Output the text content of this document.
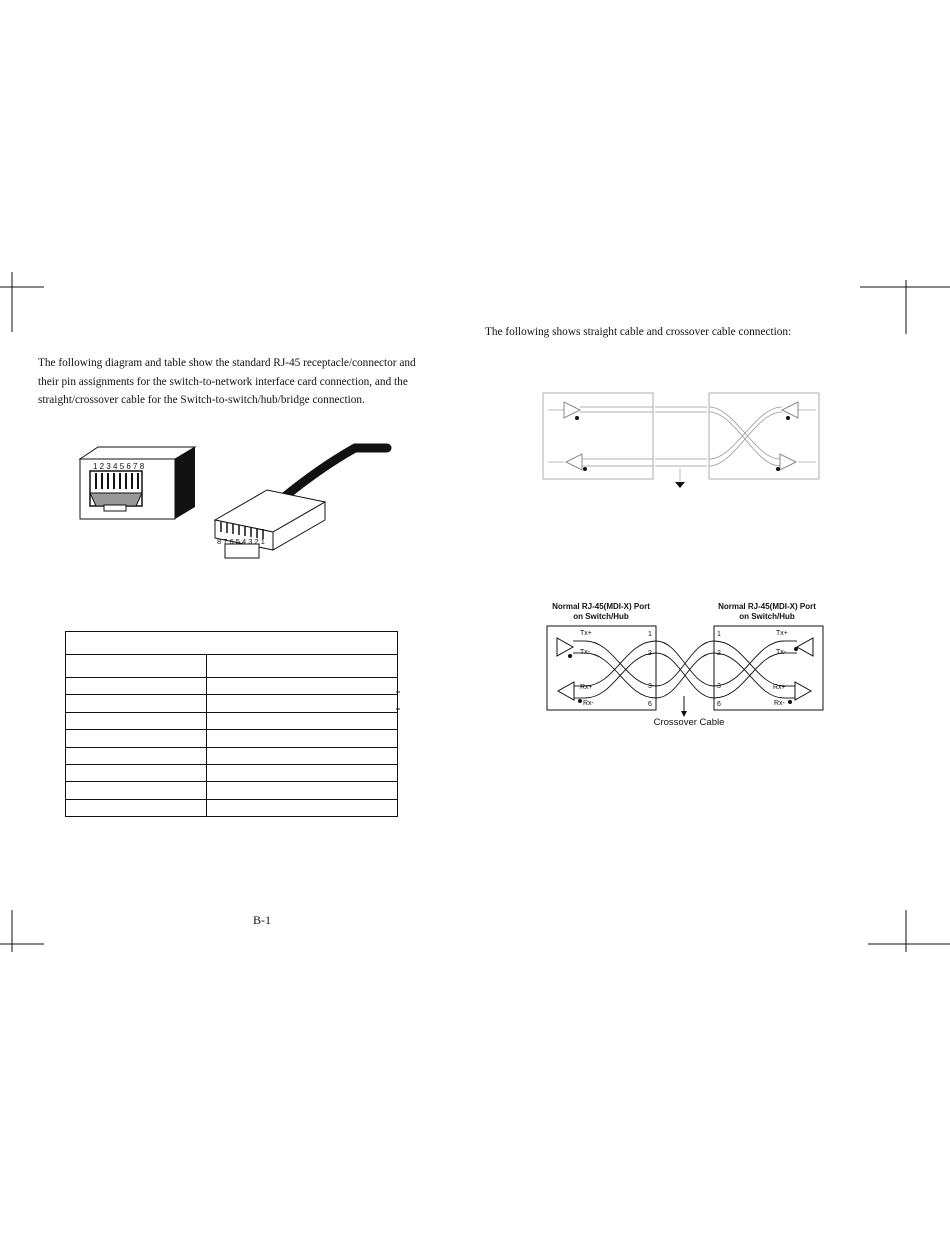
The following diagram and table show the standard RJ-45 receptacle/connector and
their pin assignments for the switch-to-network interface card connection, and the
straight/crossover cable for the Switch-to-switch/hub/bridge connection.
1 2 3 4 5 6 7 8
8 7 6 5 4 3 2 1

B-1
The following shows straight cable and crossover cable connection:
Normal RJ-45(MDI-X) Port
on Switch/Hub
Normal RJ-45(MDI-X) Port
on Switch/Hub
Tx+
Tx-
Rx+
Rx-
Tx+
Tx-
Rx+
Rx-
1
2
3
6
1
2
3
6
Crossover Cable
